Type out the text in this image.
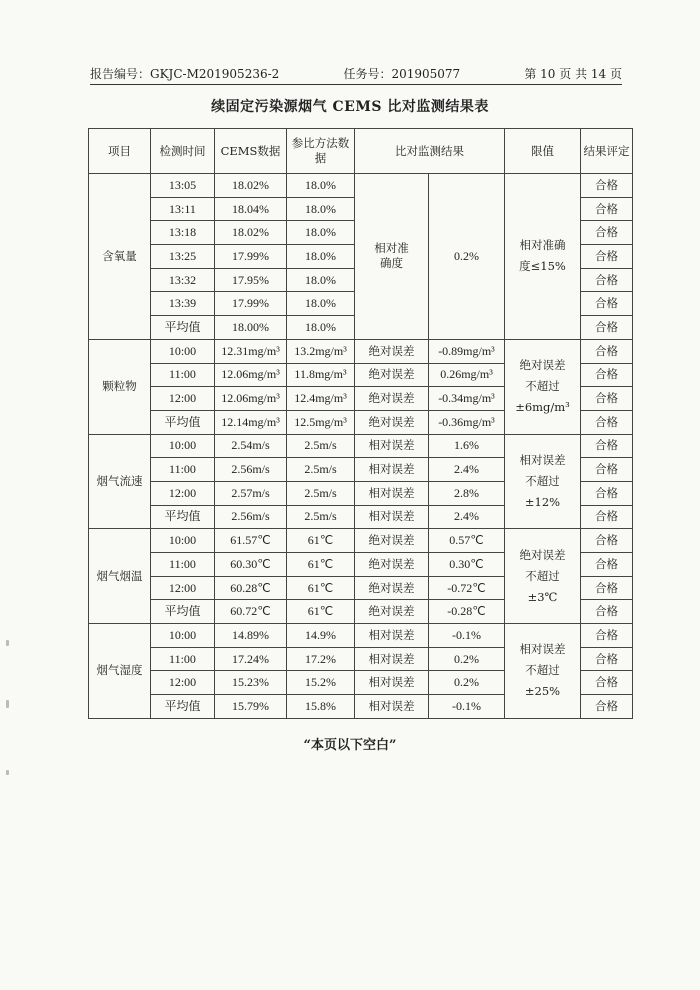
报告编号：GKJC-M201905236-2	任务号：201905077	第 10 页 共 14 页
续固定污染源烟气 CEMS 比对监测结果表
项目	检测时间	CEMS数据	参比方法数据	比对监测结果		限值	结果评定
含氧量	13:05	18.02%	18.0%	相对准确度	0.2%	相对准确度≤15%	合格
	13:11	18.04%	18.0%				合格
	13:18	18.02%	18.0%				合格
	13:25	17.99%	18.0%				合格
	13:32	17.95%	18.0%				合格
	13:39	17.99%	18.0%				合格
	平均值	18.00%	18.0%				合格
颗粒物	10:00	12.31mg/m³	13.2mg/m³	绝对误差	-0.89mg/m³	绝对误差不超过±6mg/m³	合格
	11:00	12.06mg/m³	11.8mg/m³	绝对误差	0.26mg/m³		合格
	12:00	12.06mg/m³	12.4mg/m³	绝对误差	-0.34mg/m³		合格
	平均值	12.14mg/m³	12.5mg/m³	绝对误差	-0.36mg/m³		合格
烟气流速	10:00	2.54m/s	2.5m/s	相对误差	1.6%	相对误差不超过±12%	合格
	11:00	2.56m/s	2.5m/s	相对误差	2.4%		合格
	12:00	2.57m/s	2.5m/s	相对误差	2.8%		合格
	平均值	2.56m/s	2.5m/s	相对误差	2.4%		合格
烟气烟温	10:00	61.57℃	61℃	绝对误差	0.57℃	绝对误差不超过±3℃	合格
	11:00	60.30℃	61℃	绝对误差	0.30℃		合格
	12:00	60.28℃	61℃	绝对误差	-0.72℃		合格
	平均值	60.72℃	61℃	绝对误差	-0.28℃		合格
烟气湿度	10:00	14.89%	14.9%	相对误差	-0.1%	相对误差不超过±25%	合格
	11:00	17.24%	17.2%	相对误差	0.2%		合格
	12:00	15.23%	15.2%	相对误差	0.2%		合格
	平均值	15.79%	15.8%	相对误差	-0.1%		合格
“本页以下空白”
